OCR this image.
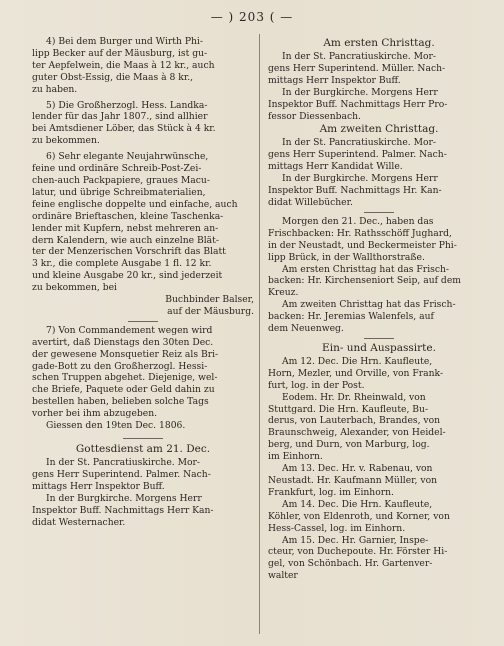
— ) 203 ( —

4) Bei dem Burger und Wirth Phi-

lipp Becker auf der Mäusburg, ist gu-

ter Aepfelwein, die Maas à 12 kr., auch

guter Obst-Essig, die Maas à 8 kr.,

zu haben.

5) Die Großherzogl. Hess. Landka-

lender für das Jahr 1807., sind allhier

bei Amtsdiener Löber, das Stück à 4 kr.

zu bekommen.

6) Sehr elegante Neujahrwünsche,

feine und ordinäre Schreib-Post-Zei-

chen-auch Packpapiere, graues Macu-

latur, und übrige Schreibmaterialien,

feine englische doppelte und einfache, auch

ordinäre Brieftaschen, kleine Taschenka-

lender mit Kupfern, nebst mehreren an-

dern Kalendern, wie auch einzelne Blät-

ter der Menzerischen Vorschrift das Blatt

3 kr., die complete Ausgabe 1 fl. 12 kr.

und kleine Ausgabe 20 kr., sind jederzeit

zu bekommen, bei

Buchbinder Balser,

auf der Mäusburg.

7) Von Commandement wegen wird

avertirt, daß Dienstags den 30ten Dec.

der gewesene Monsquetier Reiz als Bri-

gade-Bott zu den Großherzogl. Hessi-

schen Truppen abgehet. Diejenige, wel-

che Briefe, Paquete oder Geld dahin zu

bestellen haben, belieben solche Tags

vorher bei ihm abzugeben.

Giessen den 19ten Dec. 1806.

Gottesdienst am 21. Dec.

In der St. Pancratiuskirche. Mor-

gens Herr Superintend. Palmer. Nach-

mittags Herr Inspektor Buff.

In der Burgkirche. Morgens Herr

Inspektor Buff. Nachmittags Herr Kan-

didat Westernacher.

Am ersten Christtag.

In der St. Pancratiuskirche. Mor-

gens Herr Superintend. Müller. Nach-

mittags Herr Inspektor Buff.

In der Burgkirche. Morgens Herr

Inspektor Buff. Nachmittags Herr Pro-

fessor Diessenbach.

Am zweiten Christtag.

In der St. Pancratiuskirche. Mor-

gens Herr Superintend. Palmer. Nach-

mittags Herr Kandidat Wille.

In der Burgkirche. Morgens Herr

Inspektor Buff. Nachmittags Hr. Kan-

didat Willebücher.

Morgen den 21. Dec., haben das

Frischbacken: Hr. Rathsschöff Jughard,

in der Neustadt, und Beckermeister Phi-

lipp Brück, in der Wallthorstraße.

Am ersten Christtag hat das Frisch-

backen: Hr. Kirchenseniort Seip, auf dem

Kreuz.

Am zweiten Christtag hat das Frisch-

backen: Hr. Jeremias Walenfels, auf

dem Neuenweg.

Ein- und Auspassirte.

Am 12. Dec. Die Hrn. Kaufleute,

Horn, Mezler, und Orville, von Frank-

furt, log. in der Post.

Eodem. Hr. Dr. Rheinwald, von

Stuttgard. Die Hrn. Kaufleute, Bu-

derus, von Lauterbach, Brandes, von

Braunschweig, Alexander, von Heidel-

berg, und Durn, von Marburg, log.

im Einhorn.

Am 13. Dec. Hr. v. Rabenau, von

Neustadt. Hr. Kaufmann Müller, von

Frankfurt, log. im Einhorn.

Am 14. Dec. Die Hrn. Kaufleute,

Köhler, von Eldenroth, und Korner, von

Hess-Cassel, log. im Einhorn.

Am 15. Dec. Hr. Garnier, Inspe-

cteur, von Duchepoute. Hr. Förster Hi-

gel, von Schönbach. Hr. Gartenver-

walter
